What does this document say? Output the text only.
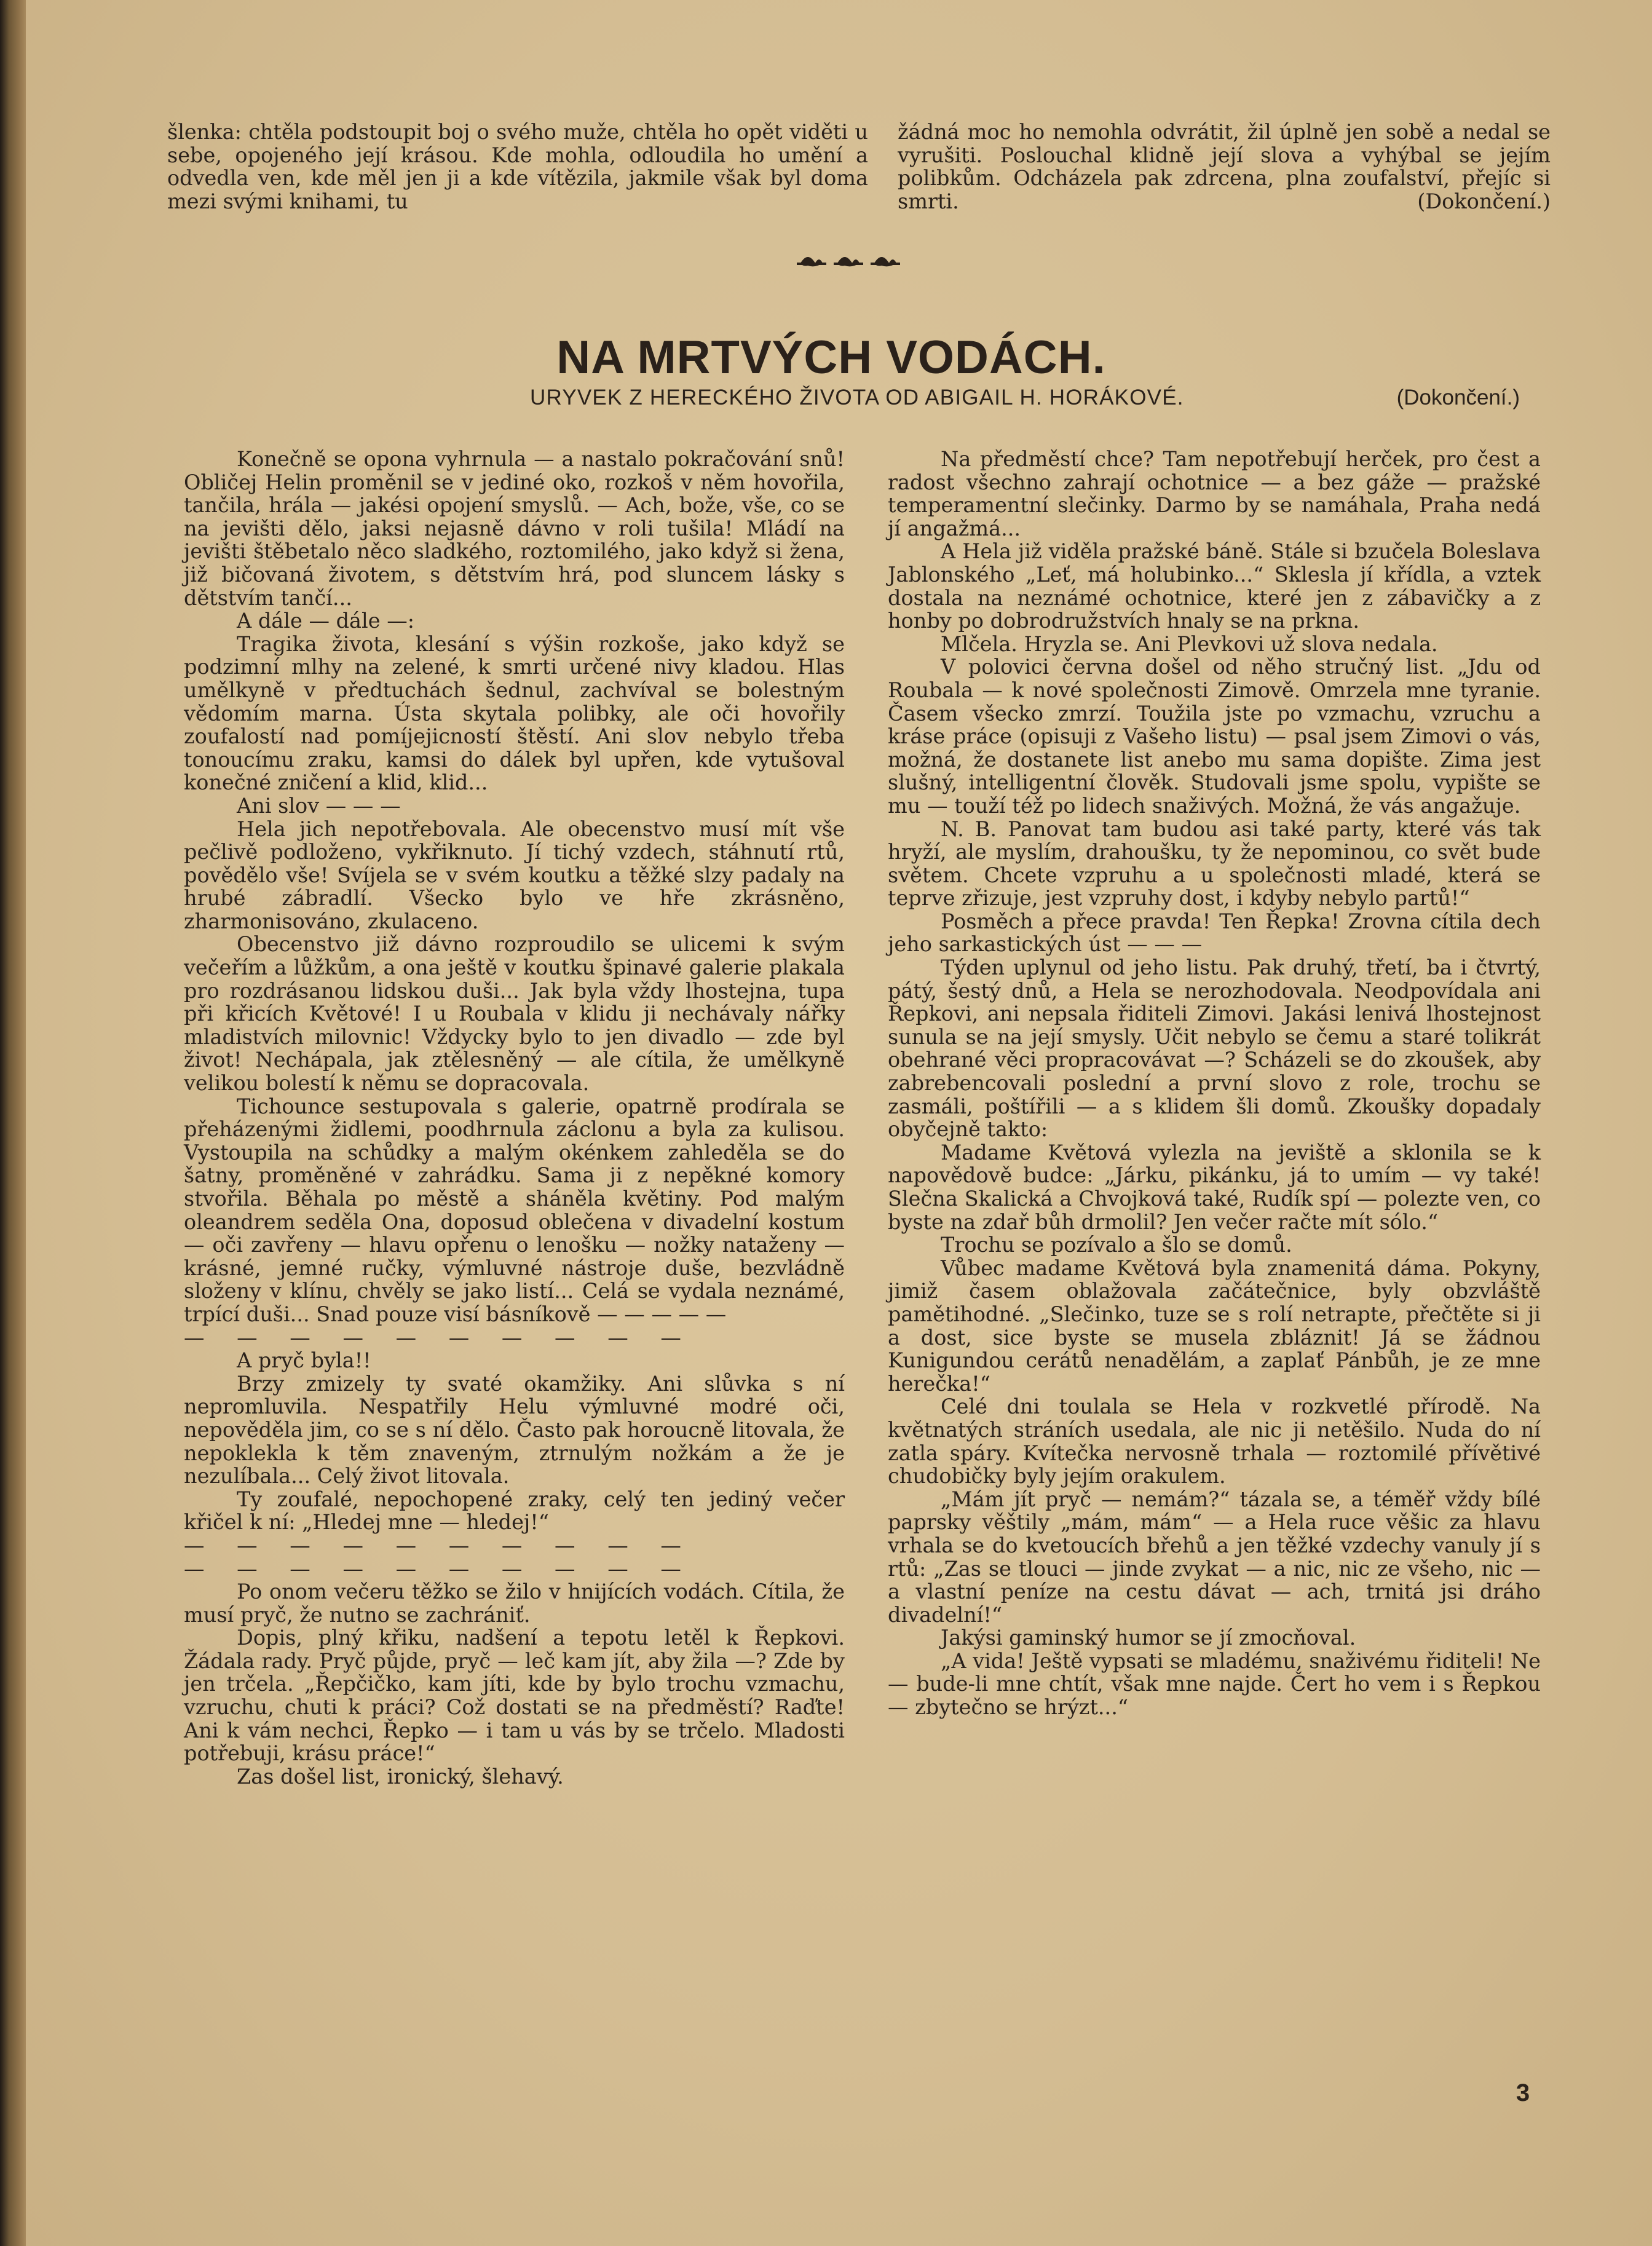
šlenka: chtěla podstoupit boj o svého muže, chtěla ho opět viděti u sebe, opojeného její krásou. Kde mohla, odloudila ho umění a odvedla ven, kde měl jen ji a kde vítězila, jakmile však byl doma mezi svými knihami, tu

žádná moc ho nemohla odvrátit, žil úplně jen sobě a nedal se vyrušiti. Poslouchal klidně její slova a vyhýbal se jejím polibkům. Odcházela pak zdrcena, plna zoufalství, přejíc si smrti.	(Dokončení.)

NA MRTVÝCH VODÁCH.

URYVEK Z HERECKÉHO ŽIVOTA OD ABIGAIL H. HORÁKOVÉ.	(Dokončení.)

Konečně se opona vyhrnula — a nastalo pokračování snů! Obličej Helin proměnil se v jediné oko, rozkoš v něm hovořila, tančila, hrála — jakési opojení smyslů. — Ach, bože, vše, co se na jevišti dělo, jaksi nejasně dávno v roli tušila! Mládí na jevišti štěbetalo něco sladkého, roztomilého, jako když si žena, již bičovaná životem, s dětstvím hrá, pod sluncem lásky s dětstvím tančí...

A dále — dále —:

Tragika života, klesání s výšin rozkoše, jako když se podzimní mlhy na zelené, k smrti určené nivy kladou. Hlas umělkyně v předtuchách šednul, zachvíval se bolestným vědomím marna. Ústa skytala polibky, ale oči hovořily zoufalostí nad pomíjejicností štěstí. Ani slov nebylo třeba tonoucímu zraku, kamsi do dálek byl upřen, kde vytušoval konečné zničení a klid, klid...

Ani slov — — —

Hela jich nepotřebovala. Ale obecenstvo musí mít vše pečlivě podloženo, vykřiknuto. Jí tichý vzdech, stáhnutí rtů, povědělo vše! Svíjela se v svém koutku a těžké slzy padaly na hrubé zábradlí. Všecko bylo ve hře zkrásněno, zharmonisováno, zkulaceno.

Obecenstvo již dávno rozproudilo se ulicemi k svým večeřím a lůžkům, a ona ještě v koutku špinavé galerie plakala pro rozdrásanou lidskou duši... Jak byla vždy lhostejna, tupa při křicích Květové! I u Roubala v klidu ji nechávaly nářky mladistvích milovnic! Vždycky bylo to jen divadlo — zde byl život! Nechápala, jak ztělesněný — ale cítila, že umělkyně velikou bolestí k němu se dopracovala.

Tichounce sestupovala s galerie, opatrně prodírala se přeházenými židlemi, poodhrnula záclonu a byla za kulisou. Vystoupila na schůdky a malým okénkem zahleděla se do šatny, proměněné v zahrádku. Sama ji z nepěkné komory stvořila. Běhala po městě a sháněla květiny. Pod malým oleandrem seděla Ona, doposud oblečena v divadelní kostum — oči zavřeny — hlavu opřenu o lenošku — nožky nataženy — krásné, jemné ručky, výmluvné nástroje duše, bezvládně složeny v klínu, chvěly se jako listí... Celá se vydala neznámé, trpící duši... Snad pouze visí básníkově — — — — —

— — — — — — — — — —

A pryč byla!!

Brzy zmizely ty svaté okamžiky. Ani slůvka s ní nepromluvila. Nespatřily Helu výmluvné modré oči, nepověděla jim, co se s ní dělo. Často pak horoucně litovala, že nepoklekla k těm znaveným, ztrnulým nožkám a že je nezulíbala... Celý život litovala.

Ty zoufalé, nepochopené zraky, celý ten jediný večer křičel k ní: „Hledej mne — hledej!“

— — — — — — — — — —

— — — — — — — — — —

Po onom večeru těžko se žilo v hnijících vodách. Cítila, že musí pryč, že nutno se zachrániť.

Dopis, plný křiku, nadšení a tepotu letěl k Řepkovi. Žádala rady. Pryč půjde, pryč — leč kam jít, aby žila —? Zde by jen trčela. „Řepčičko, kam jíti, kde by bylo trochu vzmachu, vzruchu, chuti k práci? Což dostati se na předměstí? Raďte! Ani k vám nechci, Řepko — i tam u vás by se trčelo. Mladosti potřebuji, krásu práce!“

Zas došel list, ironický, šlehavý.

Na předměstí chce? Tam nepotřebují herček, pro čest a radost všechno zahrají ochotnice — a bez gáže — pražské temperamentní slečinky. Darmo by se namáhala, Praha nedá jí angažmá...

A Hela již viděla pražské báně. Stále si bzučela Boleslava Jablonského „Leť, má holubinko...“ Sklesla jí křídla, a vztek dostala na neznámé ochotnice, které jen z zábavičky a z honby po dobrodružstvích hnaly se na prkna.

Mlčela. Hryzla se. Ani Plevkovi už slova nedala.

V polovici června došel od něho stručný list. „Jdu od Roubala — k nové společnosti Zimově. Omrzela mne tyranie. Časem všecko zmrzí. Toužila jste po vzmachu, vzruchu a kráse práce (opisuji z Vašeho listu) — psal jsem Zimovi o vás, možná, že dostanete list anebo mu sama dopište. Zima jest slušný, intelligentní člověk. Studovali jsme spolu, vypište se mu — touží též po lidech snaživých. Možná, že vás angažuje.

N. B. Panovat tam budou asi také party, které vás tak hryží, ale myslím, drahoušku, ty že nepominou, co svět bude světem. Chcete vzpruhu a u společnosti mladé, která se teprve zřizuje, jest vzpruhy dost, i kdyby nebylo partů!“

Posměch a přece pravda! Ten Řepka! Zrovna cítila dech jeho sarkastických úst — — —

Týden uplynul od jeho listu. Pak druhý, třetí, ba i čtvrtý, pátý, šestý dnů, a Hela se nerozhodovala. Neodpovídala ani Řepkovi, ani nepsala řiditeli Zimovi. Jakási lenivá lhostejnost sunula se na její smysly. Učit nebylo se čemu a staré tolikrát obehrané věci propracovávat —? Scházeli se do zkoušek, aby zabrebencovali poslední a první slovo z role, trochu se zasmáli, poštířili — a s klidem šli domů. Zkoušky dopadaly obyčejně takto:

Madame Květová vylezla na jeviště a sklonila se k napovědově budce: „Járku, pikánku, já to umím — vy také! Slečna Skalická a Chvojková také, Rudík spí — polezte ven, co byste na zdař bůh drmolil? Jen večer račte mít sólo.“

Trochu se pozívalo a šlo se domů.

Vůbec madame Květová byla znamenitá dáma. Pokyny, jimiž časem oblažovala začátečnice, byly obzvláště pamětihodné. „Slečinko, tuze se s rolí netrapte, přečtěte si ji a dost, sice byste se musela zbláznit! Já se žádnou Kunigundou cerátů nenadělám, a zaplať Pánbůh, je ze mne herečka!“

Celé dni toulala se Hela v rozkvetlé přírodě. Na květnatých stráních usedala, ale nic ji netěšilo. Nuda do ní zatla spáry. Kvítečka nervosně trhala — roztomilé přívětivé chudobičky byly jejím orakulem.

„Mám jít pryč — nemám?“ tázala se, a téměř vždy bílé paprsky věštily „mám, mám“ — a Hela ruce věšic za hlavu vrhala se do kvetoucích břehů a jen těžké vzdechy vanuly jí s rtů: „Zas se tlouci — jinde zvykat — a nic, nic ze všeho, nic — a vlastní peníze na cestu dávat — ach, trnitá jsi dráho divadelní!“

Jakýsi gaminský humor se jí zmocňoval.

„A vida! Ještě vypsati se mladému, snaživému řiditeli! Ne — bude-li mne chtít, však mne najde. Čert ho vem i s Řepkou — zbytečno se hrýzt...“

3
